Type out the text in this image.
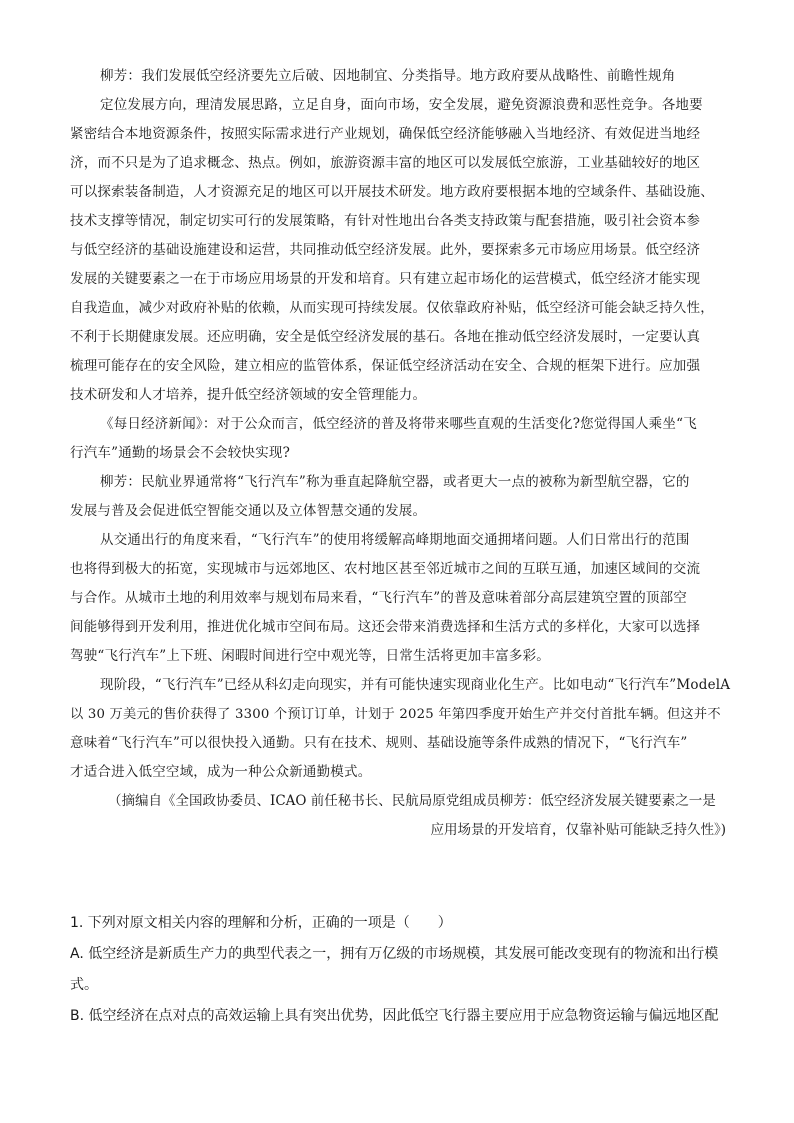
柳芳：我们发展低空经济要先立后破、因地制宜、分类指导。地方政府要从战略性、前瞻性规角
定位发展方向，理清发展思路，立足自身，面向市场，安全发展，避免资源浪费和恶性竞争。各地要
紧密结合本地资源条件，按照实际需求进行产业规划，确保低空经济能够融入当地经济、有效促进当地经
济，而不只是为了追求概念、热点。例如，旅游资源丰富的地区可以发展低空旅游，工业基础较好的地区
可以探索装备制造，人才资源充足的地区可以开展技术研发。地方政府要根据本地的空域条件、基础设施、
技术支撑等情况，制定切实可行的发展策略，有针对性地出台各类支持政策与配套措施，吸引社会资本参
与低空经济的基础设施建设和运营，共同推动低空经济发展。此外，要探索多元市场应用场景。低空经济
发展的关键要素之一在于市场应用场景的开发和培育。只有建立起市场化的运营模式，低空经济才能实现
自我造血，减少对政府补贴的依赖，从而实现可持续发展。仅依靠政府补贴，低空经济可能会缺乏持久性，
不利于长期健康发展。还应明确，安全是低空经济发展的基石。各地在推动低空经济发展时，一定要认真
梳理可能存在的安全风险，建立相应的监管体系，保证低空经济活动在安全、合规的框架下进行。应加强
技术研发和人才培养，提升低空经济领域的安全管理能力。
《每日经济新闻》：对于公众而言，低空经济的普及将带来哪些直观的生活变化?您觉得国人乘坐“飞
行汽车”通勤的场景会不会较快实现?
柳芳：民航业界通常将“飞行汽车”称为垂直起降航空器，或者更大一点的被称为新型航空器，它的
发展与普及会促进低空智能交通以及立体智慧交通的发展。
从交通出行的角度来看，“飞行汽车”的使用将缓解高峰期地面交通拥堵问题。人们日常出行的范围
也将得到极大的拓宽，实现城市与远郊地区、农村地区甚至邻近城市之间的互联互通，加速区域间的交流
与合作。从城市土地的利用效率与规划布局来看，“飞行汽车”的普及意味着部分高层建筑空置的顶部空
间能够得到开发利用，推进优化城市空间布局。这还会带来消费选择和生活方式的多样化，大家可以选择
驾驶“飞行汽车”上下班、闲暇时间进行空中观光等，日常生活将更加丰富多彩。
现阶段，“飞行汽车”已经从科幻走向现实，并有可能快速实现商业化生产。比如电动“飞行汽车”ModelA
以 30 万美元的售价获得了 3300 个预订订单，计划于 2025 年第四季度开始生产并交付首批车辆。但这并不
意味着“飞行汽车”可以很快投入通勤。只有在技术、规则、基础设施等条件成熟的情况下，“飞行汽车”
才适合进入低空空域，成为一种公众新通勤模式。
（摘编自《全国政协委员、ICAO 前任秘书长、民航局原党组成员柳芳：低空经济发展关键要素之一是
应用场景的开发培育，仅靠补贴可能缺乏持久性》)
1. 下列对原文相关内容的理解和分析，正确的一项是（　　）
A. 低空经济是新质生产力的典型代表之一，拥有万亿级的市场规模，其发展可能改变现有的物流和出行模
式。
B. 低空经济在点对点的高效运输上具有突出优势，因此低空飞行器主要应用于应急物资运输与偏远地区配
